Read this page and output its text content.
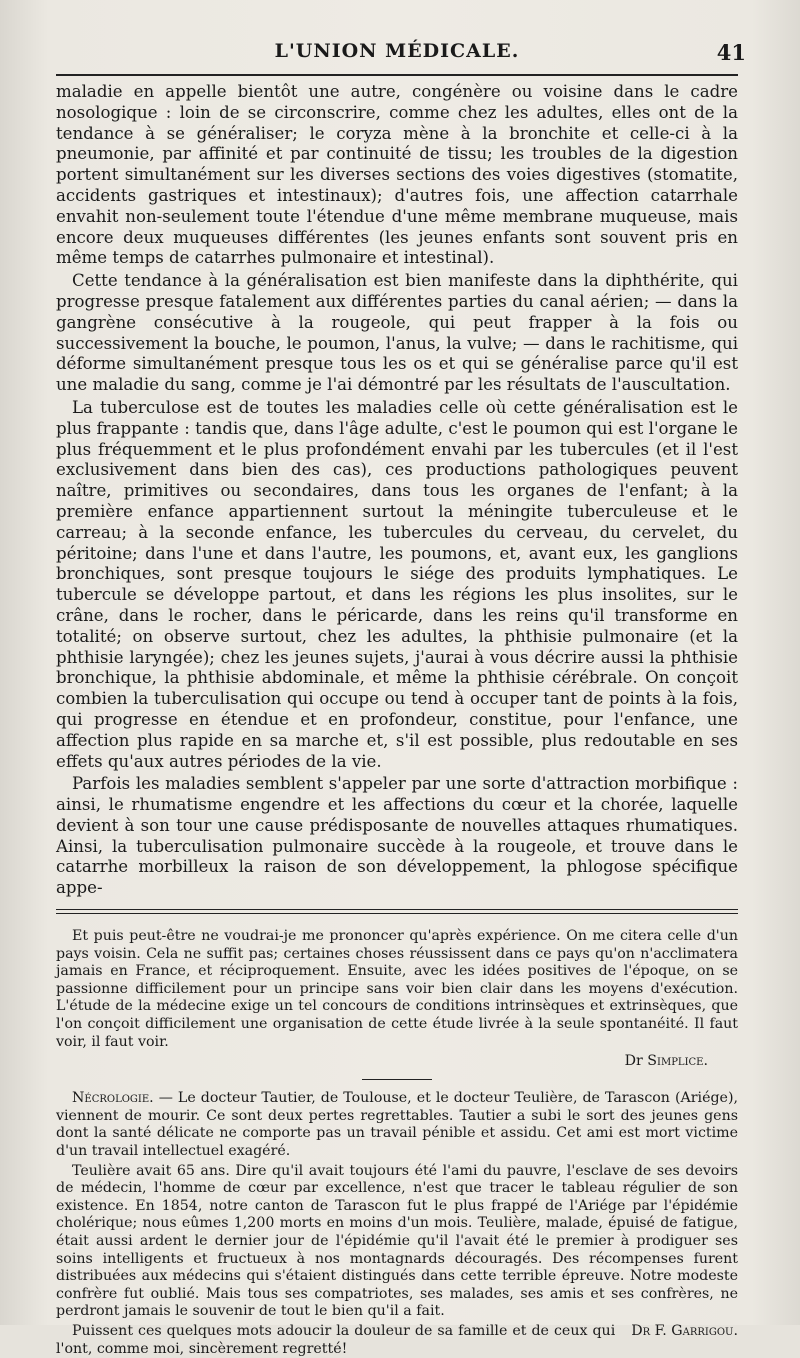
L'UNION MÉDICALE.	41

maladie en appelle bientôt une autre, congénère ou voisine dans le cadre nosologique : loin de se circonscrire, comme chez les adultes, elles ont de la tendance à se généraliser; le coryza mène à la bronchite et celle-ci à la pneumonie, par affinité et par continuité de tissu; les troubles de la digestion portent simultanément sur les diverses sections des voies digestives (stomatite, accidents gastriques et intestinaux); d'autres fois, une affection catarrhale envahit non-seulement toute l'étendue d'une même membrane muqueuse, mais encore deux muqueuses différentes (les jeunes enfants sont souvent pris en même temps de catarrhes pulmonaire et intestinal).

Cette tendance à la généralisation est bien manifeste dans la diphthérite, qui progresse presque fatalement aux différentes parties du canal aérien; — dans la gangrène consécutive à la rougeole, qui peut frapper à la fois ou successivement la bouche, le poumon, l'anus, la vulve; — dans le rachitisme, qui déforme simultanément presque tous les os et qui se généralise parce qu'il est une maladie du sang, comme je l'ai démontré par les résultats de l'auscultation.

La tuberculose est de toutes les maladies celle où cette généralisation est le plus frappante : tandis que, dans l'âge adulte, c'est le poumon qui est l'organe le plus fréquemment et le plus profondément envahi par les tubercules (et il l'est exclusivement dans bien des cas), ces productions pathologiques peuvent naître, primitives ou secondaires, dans tous les organes de l'enfant; à la première enfance appartiennent surtout la méningite tuberculeuse et le carreau; à la seconde enfance, les tubercules du cerveau, du cervelet, du péritoine; dans l'une et dans l'autre, les poumons, et, avant eux, les ganglions bronchiques, sont presque toujours le siége des produits lymphatiques. Le tubercule se développe partout, et dans les régions les plus insolites, sur le crâne, dans le rocher, dans le péricarde, dans les reins qu'il transforme en totalité; on observe surtout, chez les adultes, la phthisie pulmonaire (et la phthisie laryngée); chez les jeunes sujets, j'aurai à vous décrire aussi la phthisie bronchique, la phthisie abdominale, et même la phthisie cérébrale. On conçoit combien la tuberculisation qui occupe ou tend à occuper tant de points à la fois, qui progresse en étendue et en profondeur, constitue, pour l'enfance, une affection plus rapide en sa marche et, s'il est possible, plus redoutable en ses effets qu'aux autres périodes de la vie.

Parfois les maladies semblent s'appeler par une sorte d'attraction morbifique : ainsi, le rhumatisme engendre et les affections du cœur et la chorée, laquelle devient à son tour une cause prédisposante de nouvelles attaques rhumatiques. Ainsi, la tuberculisation pulmonaire succède à la rougeole, et trouve dans le catarrhe morbilleux la raison de son développement, la phlogose spécifique appe-

Et puis peut-être ne voudrai-je me prononcer qu'après expérience. On me citera celle d'un pays voisin. Cela ne suffit pas; certaines choses réussissent dans ce pays qu'on n'acclimatera jamais en France, et réciproquement. Ensuite, avec les idées positives de l'époque, on se passionne difficilement pour un principe sans voir bien clair dans les moyens d'exécution. L'étude de la médecine exige un tel concours de conditions intrinsèques et extrinsèques, que l'on conçoit difficilement une organisation de cette étude livrée à la seule spontanéité. Il faut voir, il faut voir.

Dr Simplice.

Nécrologie. — Le docteur Tautier, de Toulouse, et le docteur Teulière, de Tarascon (Ariége), viennent de mourir. Ce sont deux pertes regrettables. Tautier a subi le sort des jeunes gens dont la santé délicate ne comporte pas un travail pénible et assidu. Cet ami est mort victime d'un travail intellectuel exagéré.

Teulière avait 65 ans. Dire qu'il avait toujours été l'ami du pauvre, l'esclave de ses devoirs de médecin, l'homme de cœur par excellence, n'est que tracer le tableau régulier de son existence. En 1854, notre canton de Tarascon fut le plus frappé de l'Ariége par l'épidémie cholérique; nous eûmes 1,200 morts en moins d'un mois. Teulière, malade, épuisé de fatigue, était aussi ardent le dernier jour de l'épidémie qu'il l'avait été le premier à prodiguer ses soins intelligents et fructueux à nos montagnards découragés. Des récompenses furent distribuées aux médecins qui s'étaient distingués dans cette terrible épreuve. Notre modeste confrère fut oublié. Mais tous ses compatriotes, ses malades, ses amis et ses confrères, ne perdront jamais le souvenir de tout le bien qu'il a fait.

Dr F. Garrigou.
Puissent ces quelques mots adoucir la douleur de sa famille et de ceux qui l'ont, comme moi, sincèrement regretté!
